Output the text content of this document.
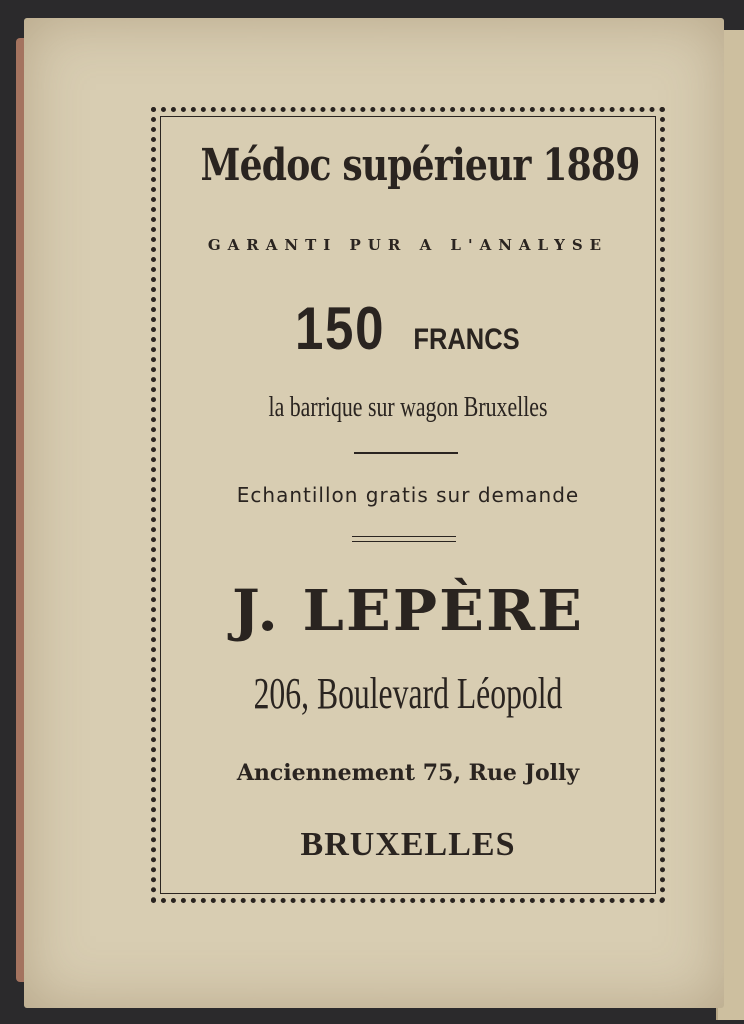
Médoc supérieur 1889
GARANTI PUR A L'ANALYSE
150 FRANCS
la barrique sur wagon Bruxelles
Echantillon gratis sur demande
J. LEPÈRE
206, Boulevard Léopold
Anciennement 75, Rue Jolly
BRUXELLES
